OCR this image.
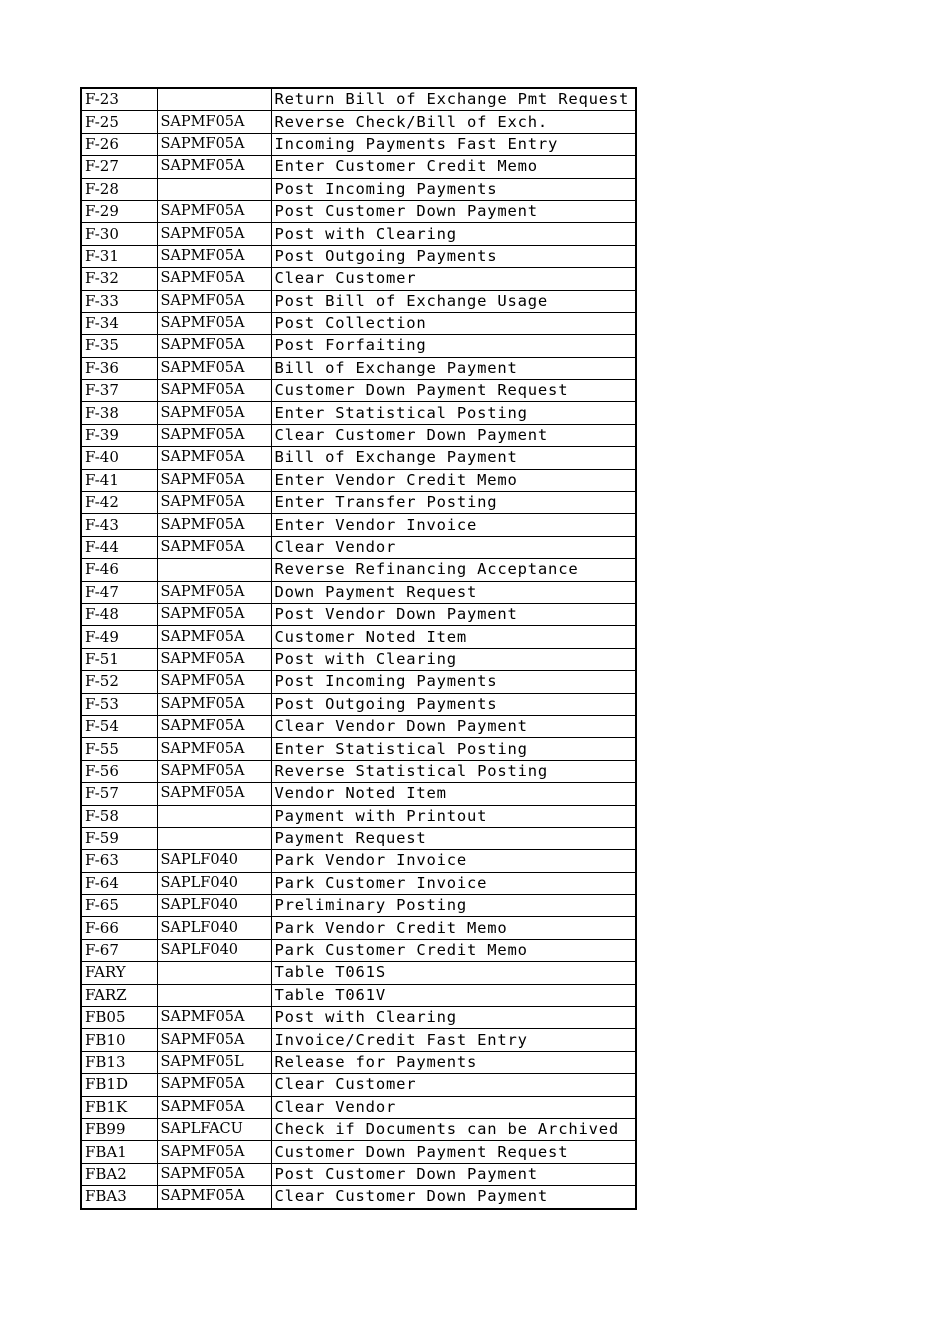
F-23		Return Bill of Exchange Pmt Request
F-25	SAPMF05A	Reverse Check/Bill of Exch.
F-26	SAPMF05A	Incoming Payments Fast Entry
F-27	SAPMF05A	Enter Customer Credit Memo
F-28		Post Incoming Payments
F-29	SAPMF05A	Post Customer Down Payment
F-30	SAPMF05A	Post with Clearing
F-31	SAPMF05A	Post Outgoing Payments
F-32	SAPMF05A	Clear Customer
F-33	SAPMF05A	Post Bill of Exchange Usage
F-34	SAPMF05A	Post Collection
F-35	SAPMF05A	Post Forfaiting
F-36	SAPMF05A	Bill of Exchange Payment
F-37	SAPMF05A	Customer Down Payment Request
F-38	SAPMF05A	Enter Statistical Posting
F-39	SAPMF05A	Clear Customer Down Payment
F-40	SAPMF05A	Bill of Exchange Payment
F-41	SAPMF05A	Enter Vendor Credit Memo
F-42	SAPMF05A	Enter Transfer Posting
F-43	SAPMF05A	Enter Vendor Invoice
F-44	SAPMF05A	Clear Vendor
F-46		Reverse Refinancing Acceptance
F-47	SAPMF05A	Down Payment Request
F-48	SAPMF05A	Post Vendor Down Payment
F-49	SAPMF05A	Customer Noted Item
F-51	SAPMF05A	Post with Clearing
F-52	SAPMF05A	Post Incoming Payments
F-53	SAPMF05A	Post Outgoing Payments
F-54	SAPMF05A	Clear Vendor Down Payment
F-55	SAPMF05A	Enter Statistical Posting
F-56	SAPMF05A	Reverse Statistical Posting
F-57	SAPMF05A	Vendor Noted Item
F-58		Payment with Printout
F-59		Payment Request
F-63	SAPLF040	Park Vendor Invoice
F-64	SAPLF040	Park Customer Invoice
F-65	SAPLF040	Preliminary Posting
F-66	SAPLF040	Park Vendor Credit Memo
F-67	SAPLF040	Park Customer Credit Memo
FARY		Table T061S
FARZ		Table T061V
FB05	SAPMF05A	Post with Clearing
FB10	SAPMF05A	Invoice/Credit Fast Entry
FB13	SAPMF05L	Release for Payments
FB1D	SAPMF05A	Clear Customer
FB1K	SAPMF05A	Clear Vendor
FB99	SAPLFACU	Check if Documents can be Archived
FBA1	SAPMF05A	Customer Down Payment Request
FBA2	SAPMF05A	Post Customer Down Payment
FBA3	SAPMF05A	Clear Customer Down Payment
